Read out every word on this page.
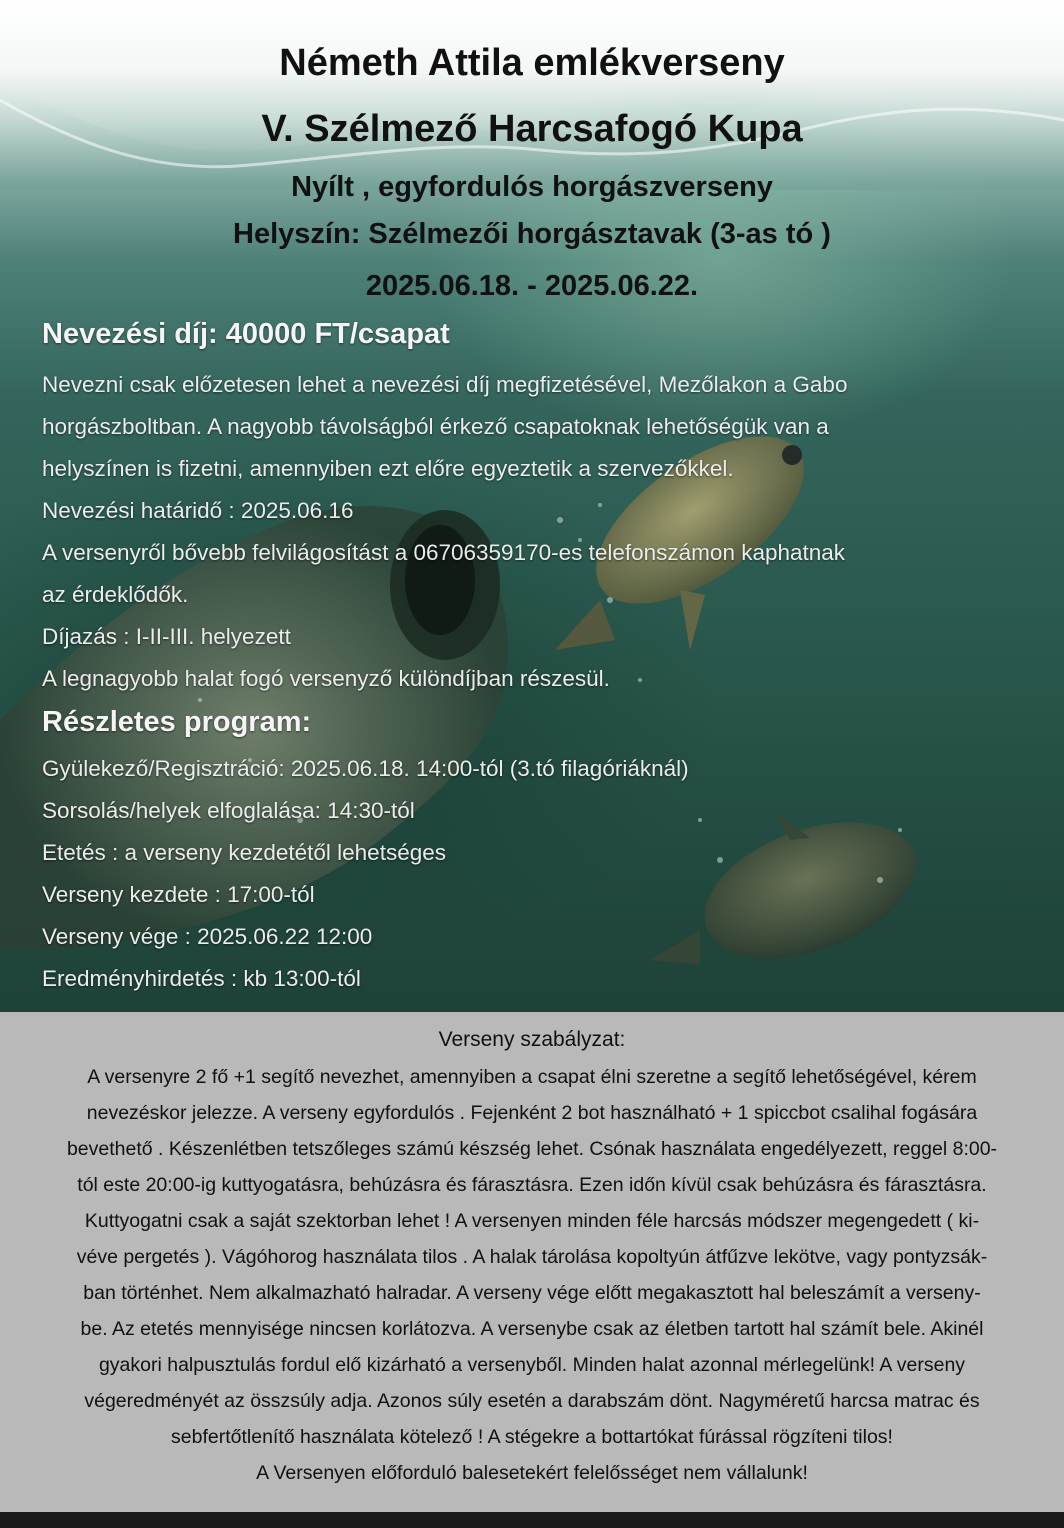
Németh Attila emlékverseny
V. Szélmező Harcsafogó Kupa
Nyílt , egyfordulós horgászverseny
Helyszín: Szélmezői horgásztavak (3-as tó )
2025.06.18. - 2025.06.22.
Nevezési díj: 40000 FT/csapat
Nevezni csak előzetesen lehet a nevezési díj megfizetésével, Mezőlakon a Gabo
horgászboltban. A nagyobb távolságból érkező csapatoknak lehetőségük van a
helyszínen is fizetni, amennyiben ezt előre egyeztetik a szervezőkkel.
Nevezési határidő : 2025.06.16
A versenyről bővebb felvilágosítást a 06706359170-es telefonszámon kaphatnak
az érdeklődők.
Díjazás : I-II-III. helyezett
A legnagyobb halat fogó versenyző különdíjban részesül.
Részletes program:
Gyülekező/Regisztráció: 2025.06.18. 14:00-tól (3.tó filagóriáknál)
Sorsolás/helyek elfoglalása: 14:30-tól
Etetés : a verseny kezdetétől lehetséges
Verseny kezdete : 17:00-tól
Verseny vége : 2025.06.22 12:00
Eredményhirdetés : kb 13:00-tól
Verseny szabályzat:
A versenyre 2 fő +1 segítő nevezhet, amennyiben a csapat élni szeretne a segítő lehetőségével, kérem
nevezéskor jelezze. A verseny egyfordulós . Fejenként 2 bot használható + 1 spiccbot csalihal fogására
bevethető . Készenlétben tetszőleges számú készség lehet. Csónak használata engedélyezett, reggel 8:00-
tól este 20:00-ig kuttyogatásra, behúzásra és fárasztásra. Ezen időn kívül csak behúzásra és fárasztásra.
Kuttyogatni csak a saját szektorban lehet ! A versenyen minden féle harcsás módszer megengedett ( ki-
véve pergetés ). Vágóhorog használata tilos . A halak tárolása kopoltyún átfűzve lekötve, vagy pontyzsák-
ban történhet. Nem alkalmazható halradar. A verseny vége előtt megakasztott hal beleszámít a verseny-
be. Az etetés mennyisége nincsen korlátozva. A versenybe csak az életben tartott hal számít bele. Akinél
gyakori halpusztulás fordul elő kizárható a versenyből. Minden halat azonnal mérlegelünk! A verseny
végeredményét az összsúly adja. Azonos súly esetén a darabszám dönt. Nagyméretű harcsa matrac és
sebfertőtlenítő használata kötelező ! A stégekre a bottartókat fúrással rögzíteni tilos!
A Versenyen előforduló balesetekért felelősséget nem vállalunk!
